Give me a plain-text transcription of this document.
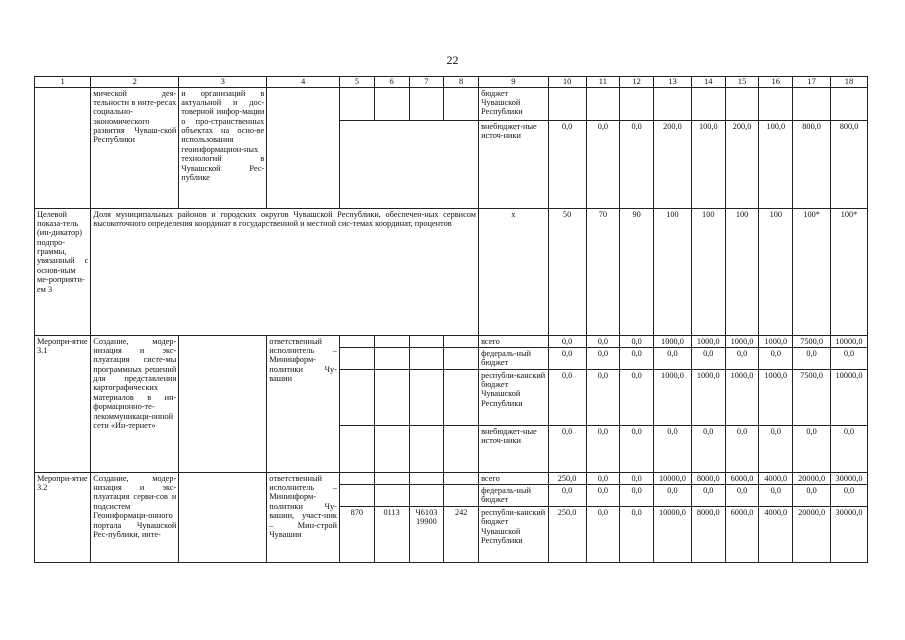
22
1	2	3	4	5	6	7	8	9	10	11	12	13	14	15	16	17	18
	мической дея-тельности в инте-ресах социально-экономического развития Чуваш-ской Республики	и организаций в актуальной и дос-товерной инфор-мации о про-странственных объектах на осно-ве использования геоинформацион-ных технологий в Чувашской Рес-публике						бюджет Чувашской Республики									
								внебюджет-ные источ-ники	0,0	0,0	0,0	200,0	100,0	200,0	100,0	800,0	800,0
Целевой показа-тель (ин-дикатор) подпро-граммы, увязанный с основ-ным ме-роприяти-ем 3	Доля муниципальных районов и городских округов Чувашской Республики, обеспечен-ных сервисом высокоточного определения координат в государственной и местной сис-темах координат, процентов							x	50	70	90	100	100	100	100	100*	100*
Меропри-ятие 3.1	Создание, модер-низация и экс-плуатация систе-мы программных решений для представления картографических материалов в ин-формационно-те-лекоммуникаци-онной сети «Ин-тернет»		ответственный исполнитель – Мининформ-политики Чу-вашии					всего	0,0	0,0	0,0	1000,0	1000,0	1000,0	1000,0	7500,0	10000,0
								федераль-ный бюджет	0,0	0,0	0,0	0,0	0,0	0,0	0,0	0,0	0,0
								республи-канский бюджет Чувашской Республики	0,0	0,0	0,0	1000,0	1000,0	1000,0	1000,0	7500,0	10000,0
								внебюджет-ные источ-ники	0,0	0,0	0,0	0,0	0,0	0,0	0,0	0,0	0,0
Меропри-ятие 3.2	Создание, модер-низация и экс-плуатация серви-сов и подсистем Геоинформаци-онного портала Чувашской Рес-публики, инте-		ответственный исполнитель – Мининформ-политики Чу-вашии, участ-ник – Мин-строй Чувашии					всего	250,0	0,0	0,0	10000,0	8000,0	6000,0	4000,0	20000,0	30000,0
								федераль-ный бюджет	0,0	0,0	0,0	0,0	0,0	0,0	0,0	0,0	0,0
				870	0113	Ч6103 19900	242	республи-канский бюджет Чувашской Республики	250,0	0,0	0,0	10000,0	8000,0	6000,0	4000,0	20000,0	30000,0
